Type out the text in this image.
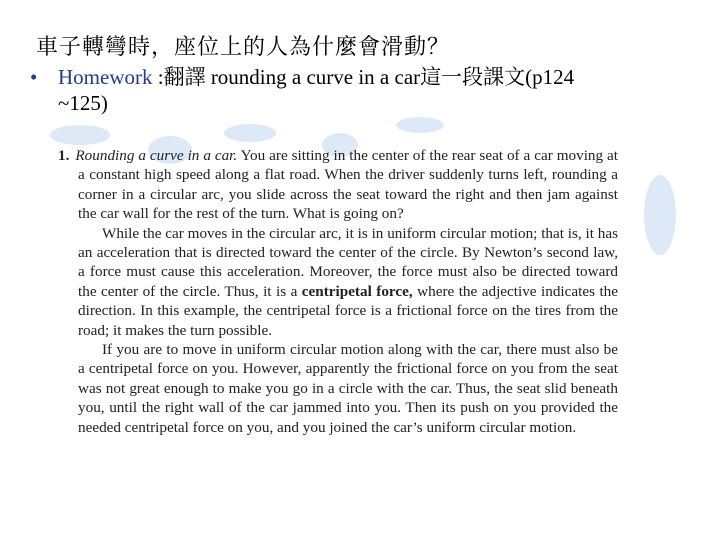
車子轉彎時，座位上的人為什麼會滑動？
• Homework :翻譯 rounding a curve in a car這一段課文(p124
~125)

1. Rounding a curve in a car. You are sitting in the center of the rear seat of a car moving at a constant high speed along a flat road. When the driver suddenly turns left, rounding a corner in a circular arc, you slide across the seat toward the right and then jam against the car wall for the rest of the turn. What is going on?

While the car moves in the circular arc, it is in uniform circular motion; that is, it has an acceleration that is directed toward the center of the circle. By Newton’s second law, a force must cause this acceleration. Moreover, the force must also be directed toward the center of the circle. Thus, it is a centripetal force, where the adjective indicates the direction. In this example, the centripetal force is a frictional force on the tires from the road; it makes the turn possible.

If you are to move in uniform circular motion along with the car, there must also be a centripetal force on you. However, apparently the frictional force on you from the seat was not great enough to make you go in a circle with the car. Thus, the seat slid beneath you, until the right wall of the car jammed into you. Then its push on you provided the needed centripetal force on you, and you joined the car’s uniform circular motion.
